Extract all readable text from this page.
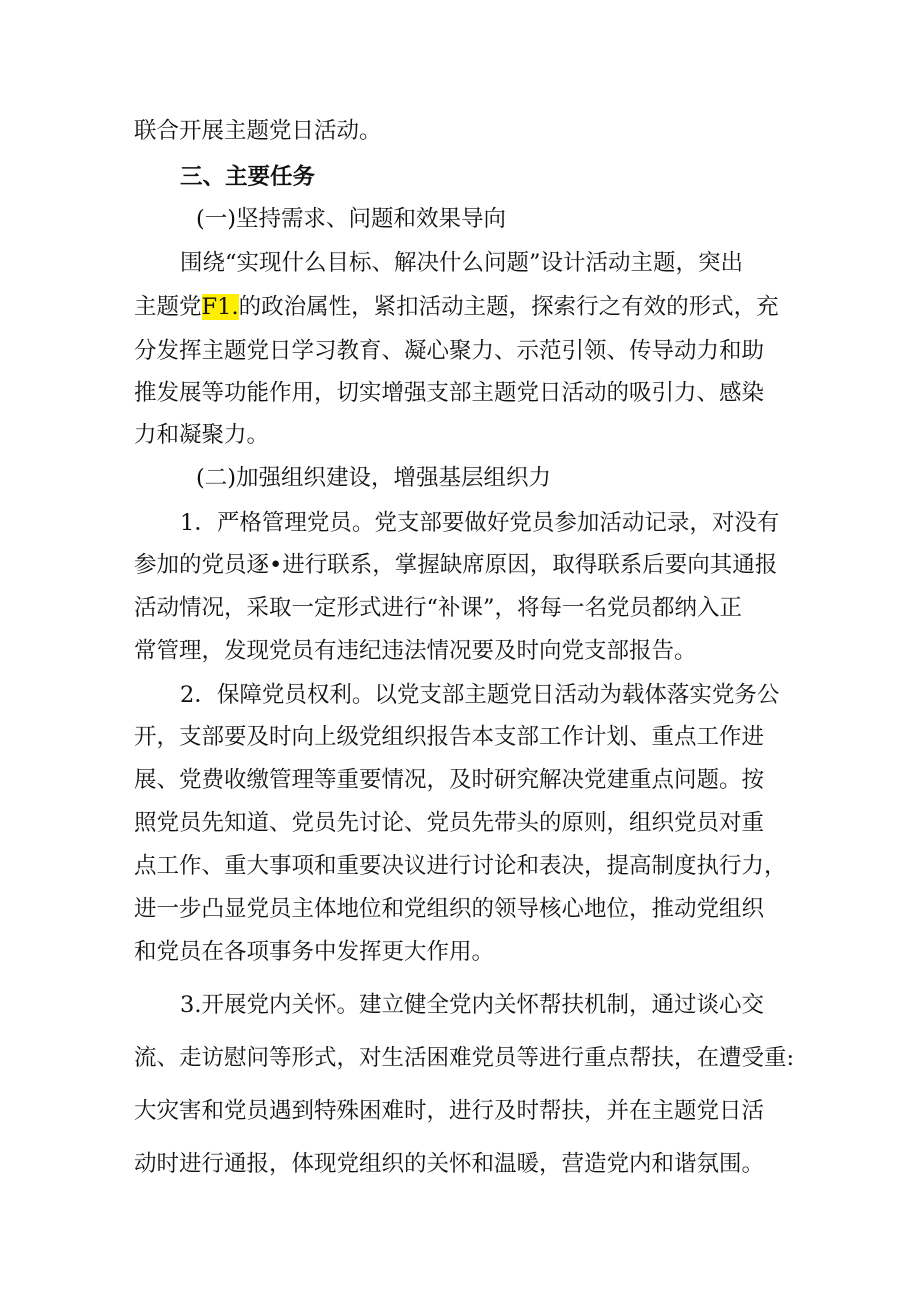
联合开展主题党日活动。
三、主要任务
(一)坚持需求、问题和效果导向
围绕“实现什么目标、解决什么问题”设计活动主题，突出
主题党F1.的政治属性，紧扣活动主题，探索行之有效的形式，充
分发挥主题党日学习教育、凝心聚力、示范引领、传导动力和助
推发展等功能作用，切实增强支部主题党日活动的吸引力、感染
力和凝聚力。
(二)加强组织建设，增强基层组织力
1．严格管理党员。党支部要做好党员参加活动记录，对没有
参加的党员逐•进行联系，掌握缺席原因，取得联系后要向其通报
活动情况，采取一定形式进行“补课”，将每一名党员都纳入正
常管理，发现党员有违纪违法情况要及时向党支部报告。
2．保障党员权利。以党支部主题党日活动为载体落实党务公
开，支部要及时向上级党组织报告本支部工作计划、重点工作进
展、党费收缴管理等重要情况，及时研究解决党建重点问题。按
照党员先知道、党员先讨论、党员先带头的原则，组织党员对重
点工作、重大事项和重要决议进行讨论和表决，提高制度执行力，
进一步凸显党员主体地位和党组织的领导核心地位，推动党组织
和党员在各项事务中发挥更大作用。
3.开展党内关怀。建立健全党内关怀帮扶机制，通过谈心交
流、走访慰问等形式，对生活困难党员等进行重点帮扶，在遭受重:
大灾害和党员遇到特殊困难时，进行及时帮扶，并在主题党日活
动时进行通报，体现党组织的关怀和温暖，营造党内和谐氛围。
